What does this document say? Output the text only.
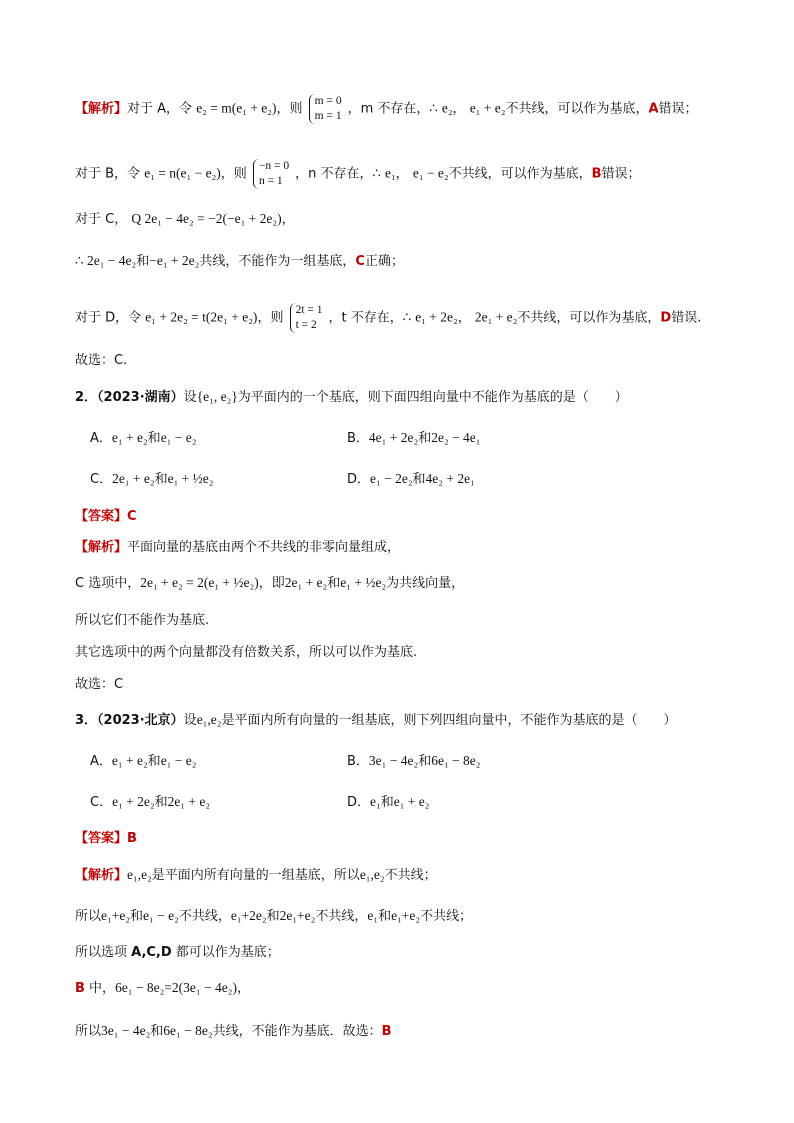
【解析】对于 A，令 e₂ = m(e₁ + e₂)，则
m = 0
m = 1 ，m 不存在，∴ e₂， e₁ + e₂不共线，可以作为基底，A错误；
对于 B，令 e₁ = n(e₁ − e₂)，则
−n = 0
n = 1 ，n 不存在，∴ e₁， e₁ − e₂不共线，可以作为基底，B错误；
对于 C， Q 2e₁ − 4e₂ = −2(−e₁ + 2e₂)，
∴ 2e₁ − 4e₂和−e₁ + 2e₂共线，不能作为一组基底，C正确；
对于 D，令 e₁ + 2e₂ = t(2e₁ + e₂)，则
2t = 1
t = 2 ，t 不存在，∴ e₁ + 2e₂， 2e₁ + e₂不共线，可以作为基底，D错误.
故选：C.
2．（2023·湖南）设{e₁, e₂}为平面内的一个基底，则下面四组向量中不能作为基底的是（　　）
A．e₁ + e₂和e₁ − e₂	B．4e₁ + 2e₂和2e₂ − 4e₁
C．2e₁ + e₂和e₁ + ½e₂	D．e₁ − 2e₂和4e₂ + 2e₁
【答案】C
【解析】平面向量的基底由两个不共线的非零向量组成，
C 选项中，2e₁ + e₂ = 2(e₁ + ½e₂)，即2e₁ + e₂和e₁ + ½e₂为共线向量，
所以它们不能作为基底.
其它选项中的两个向量都没有倍数关系，所以可以作为基底.
故选：C
3．（2023·北京）设e₁,e₂是平面内所有向量的一组基底，则下列四组向量中，不能作为基底的是（　　）
A．e₁ + e₂和e₁ − e₂	B．3e₁ − 4e₂和6e₁ − 8e₂
C．e₁ + 2e₂和2e₁ + e₂	D．e₁和e₁ + e₂
【答案】B
【解析】e₁,e₂是平面内所有向量的一组基底，所以e₁,e₂不共线；
所以e₁+e₂和e₁ − e₂不共线，e₁+2e₂和2e₁+e₂不共线，e₁和e₁+e₂不共线；
所以选项 A,C,D 都可以作为基底；
B 中，6e₁ − 8e₂=2(3e₁ − 4e₂)，
所以3e₁ − 4e₂和6e₁ − 8e₂共线，不能作为基底．故选：B
